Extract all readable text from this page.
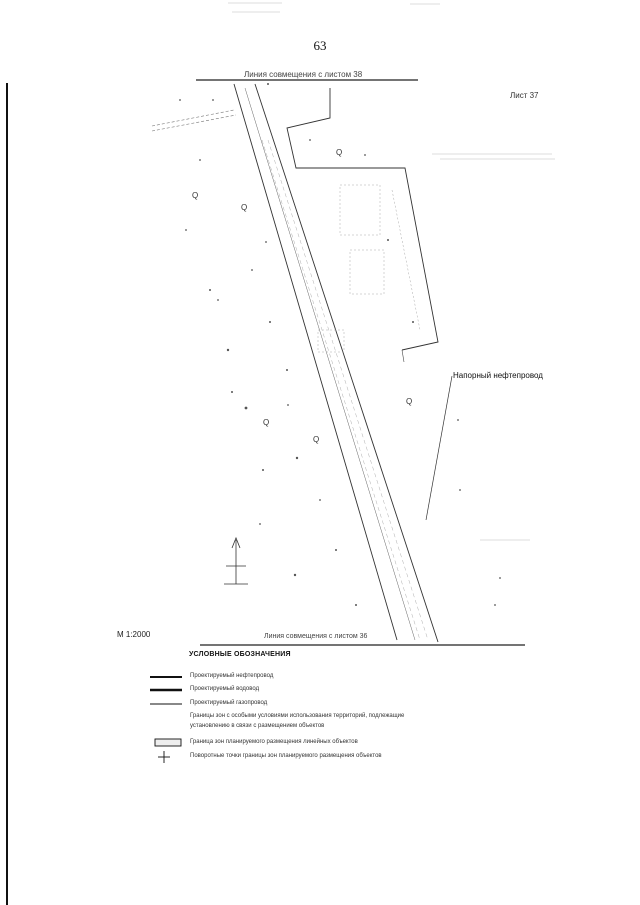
63
Линия совмещения с листом 38
Линия совмещения с листом 36
Лист 37
Напорный нефтепровод
М 1:2000
Q
Q
Q
Q
Q
Q
УСЛОВНЫЕ ОБОЗНАЧЕНИЯ
Проектируемый нефтепровод
Проектируемый водовод
Проектируемый газопровод
Границы зон с особыми условиями использования территорий, подлежащие
установлению в связи с размещением объектов
Граница зон планируемого размещения линейных объектов
Поворотные точки границы зон планируемого размещения объектов
